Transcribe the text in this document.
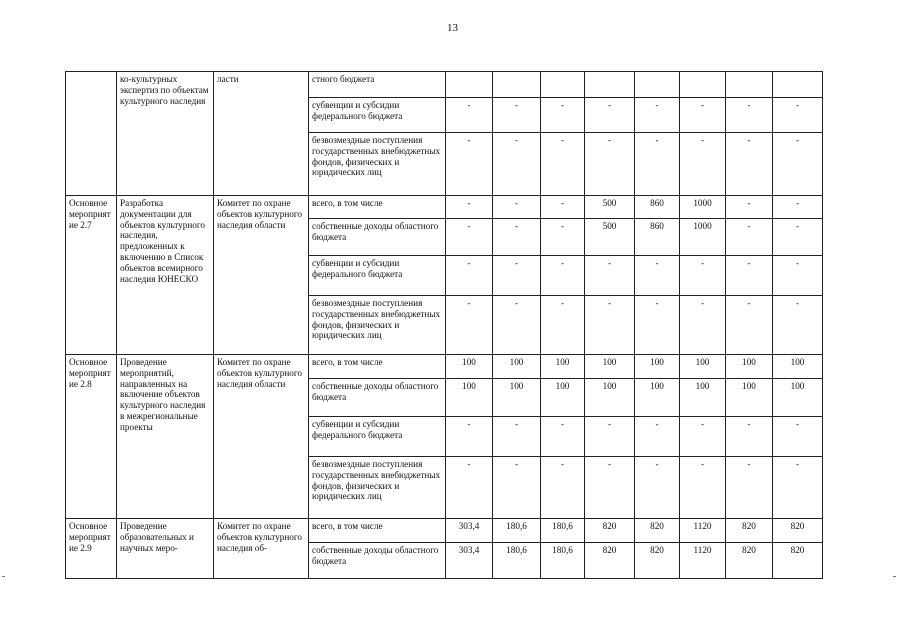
13
	ко-культурных экспертиз по объектам культурного наследия	ласти	стного бюджета								
			субвенции и субсидии федерального бюджета	-	-	-	-	-	-	-	-
			безвозмездные поступления государственных внебюджетных фондов, физических и юридических лиц	-	-	-	-	-	-	-	-
Основное мероприятие 2.7	Разработка документации для объектов культурного наследия, предложенных к включению в Список объектов всемирного наследия ЮНЕСКО	Комитет по охране объектов культурного наследия области	всего, в том числе	-	-	-	500	860	1000	-	-
			собственные доходы областного бюджета	-	-	-	500	860	1000	-	-
			субвенции и субсидии федерального бюджета	-	-	-	-	-	-	-	-
			безвозмездные поступления государственных внебюджетных фондов, физических и юридических лиц	-	-	-	-	-	-	-	-
Основное мероприятие 2.8	Проведение мероприятий, направленных на включение объектов культурного наследия в межрегиональные проекты	Комитет по охране объектов культурного наследия области	всего, в том числе	100	100	100	100	100	100	100	100
			собственные доходы областного бюджета	100	100	100	100	100	100	100	100
			субвенции и субсидии федерального бюджета	-	-	-	-	-	-	-	-
			безвозмездные поступления государственных внебюджетных фондов, физических и юридических лиц	-	-	-	-	-	-	-	-
Основное мероприятие 2.9	Проведение образовательных и научных меро-	Комитет по охране объектов культурного наследия об-	всего, в том числе	303,4	180,6	180,6	820	820	1120	820	820
			собственные доходы областного бюджета	303,4	180,6	180,6	820	820	1120	820	820
